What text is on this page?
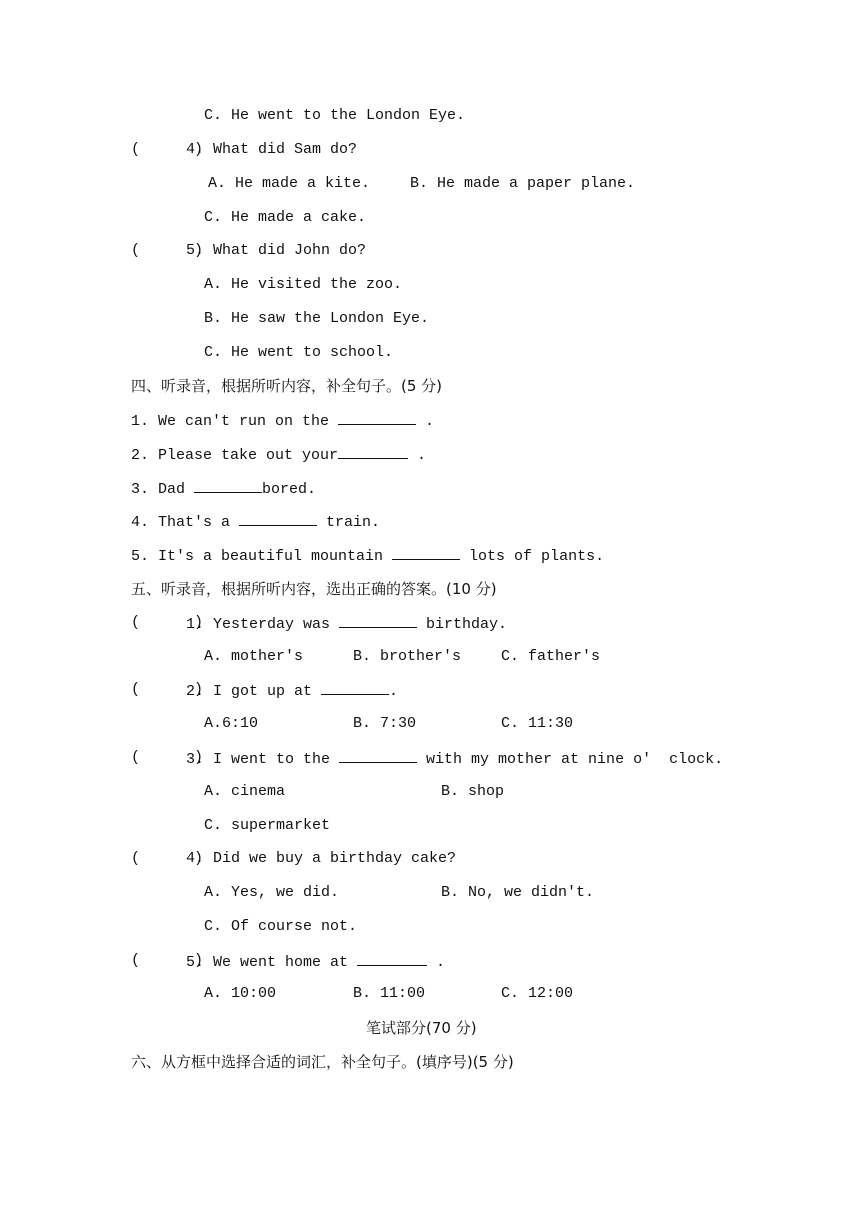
C. He went to the London Eye.
(      )
4. What did Sam do?
A. He made a kite.	B. He made a paper plane.
C. He made a cake.
(      )
5. What did John do?
A. He visited the zoo.
B. He saw the London Eye.
C. He went to school.
四、听录音，根据所听内容，补全句子。(5 分)
1. We can't run on the	.
2. Please take out your	.
3. Dad	bored.
4. That's a	train.
5. It's a beautiful mountain	lots of plants.
五、听录音，根据所听内容，选出正确的答案。(10 分)
(      )
1. Yesterday was	birthday.
A. mother's	B. brother's	C. father's
(      )
2. I got up at	.
A.6:10	B. 7:30	C. 11:30
(      )
3. I went to the	with my mother at nine o'  clock.
A. cinema	B. shop
C. supermarket
(      )
4. Did we buy a birthday cake?
A. Yes, we did.	B. No, we didn't.
C. Of course not.
(      )
5. We went home at	.
A. 10:00	B. 11:00	C. 12:00
笔试部分(70 分)
六、从方框中选择合适的词汇，补全句子。(填序号)(5 分)
